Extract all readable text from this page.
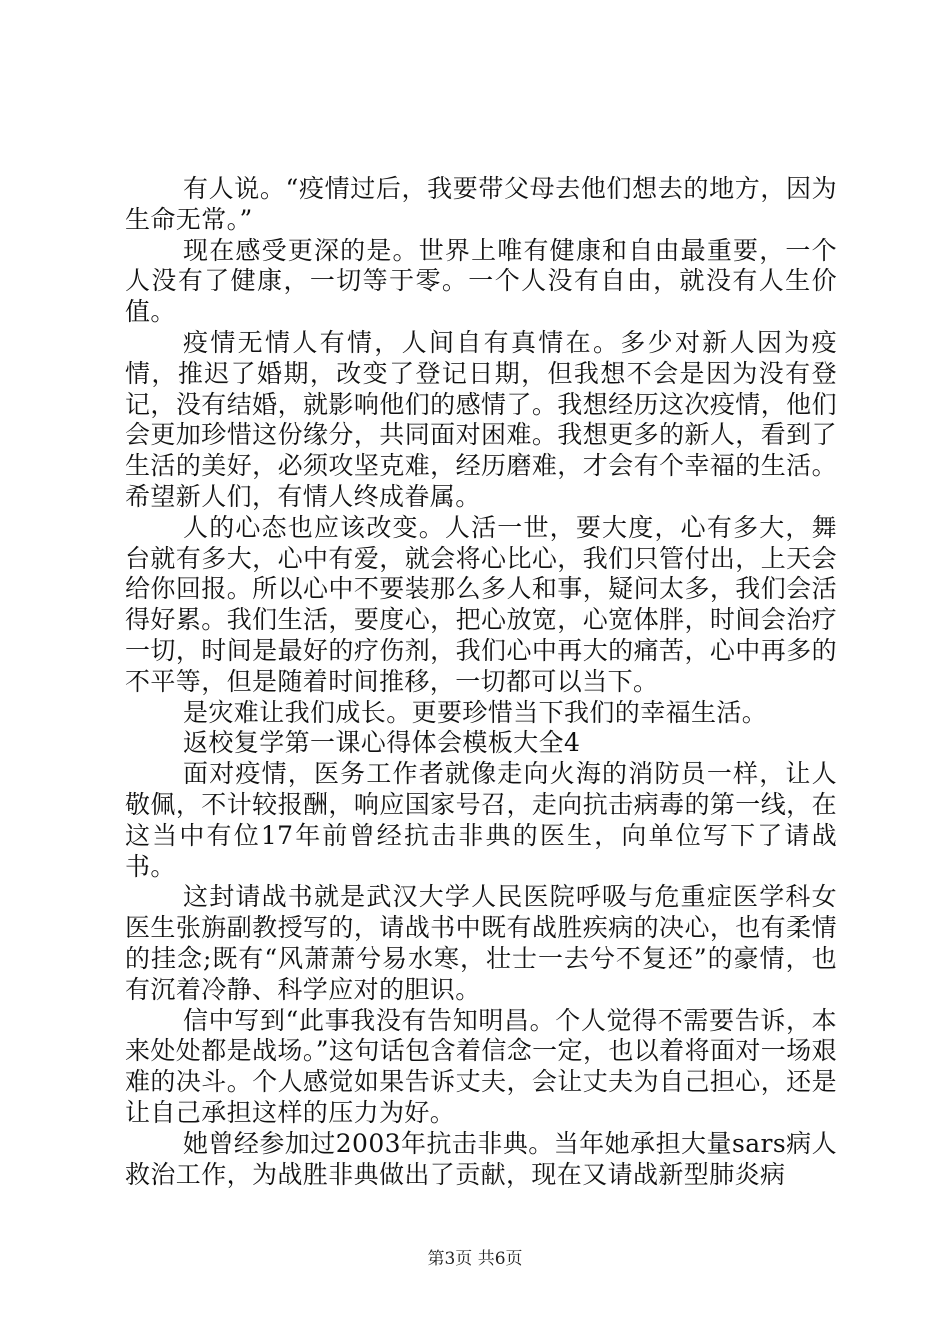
有人说。“疫情过后，我要带父母去他们想去的地方，因为生命无常。”

现在感受更深的是。世界上唯有健康和自由最重要，一个人没有了健康，一切等于零。一个人没有自由，就没有人生价值。

疫情无情人有情，人间自有真情在。多少对新人因为疫情，推迟了婚期，改变了登记日期，但我想不会是因为没有登记，没有结婚，就影响他们的感情了。我想经历这次疫情，他们会更加珍惜这份缘分，共同面对困难。我想更多的新人，看到了生活的美好，必须攻坚克难，经历磨难，才会有个幸福的生活。希望新人们，有情人终成眷属。

人的心态也应该改变。人活一世，要大度，心有多大，舞台就有多大，心中有爱，就会将心比心，我们只管付出，上天会给你回报。所以心中不要装那么多人和事，疑问太多，我们会活得好累。我们生活，要度心，把心放宽，心宽体胖，时间会治疗一切，时间是最好的疗伤剂，我们心中再大的痛苦，心中再多的不平等，但是随着时间推移，一切都可以当下。

是灾难让我们成长。更要珍惜当下我们的幸福生活。

返校复学第一课心得体会模板大全4

面对疫情，医务工作者就像走向火海的消防员一样，让人敬佩，不计较报酬，响应国家号召，走向抗击病毒的第一线，在这当中有位17年前曾经抗击非典的医生，向单位写下了请战书。

这封请战书就是武汉大学人民医院呼吸与危重症医学科女医生张旃副教授写的，请战书中既有战胜疾病的决心，也有柔情的挂念;既有“风萧萧兮易水寒，壮士一去兮不复还”的豪情，也有沉着冷静、科学应对的胆识。

信中写到“此事我没有告知明昌。个人觉得不需要告诉，本来处处都是战场。”这句话包含着信念一定，也以着将面对一场艰难的决斗。个人感觉如果告诉丈夫，会让丈夫为自己担心，还是让自己承担这样的压力为好。

她曾经参加过2003年抗击非典。当年她承担大量sars病人救治工作，为战胜非典做出了贡献，现在又请战新型肺炎病

第3页 共6页
